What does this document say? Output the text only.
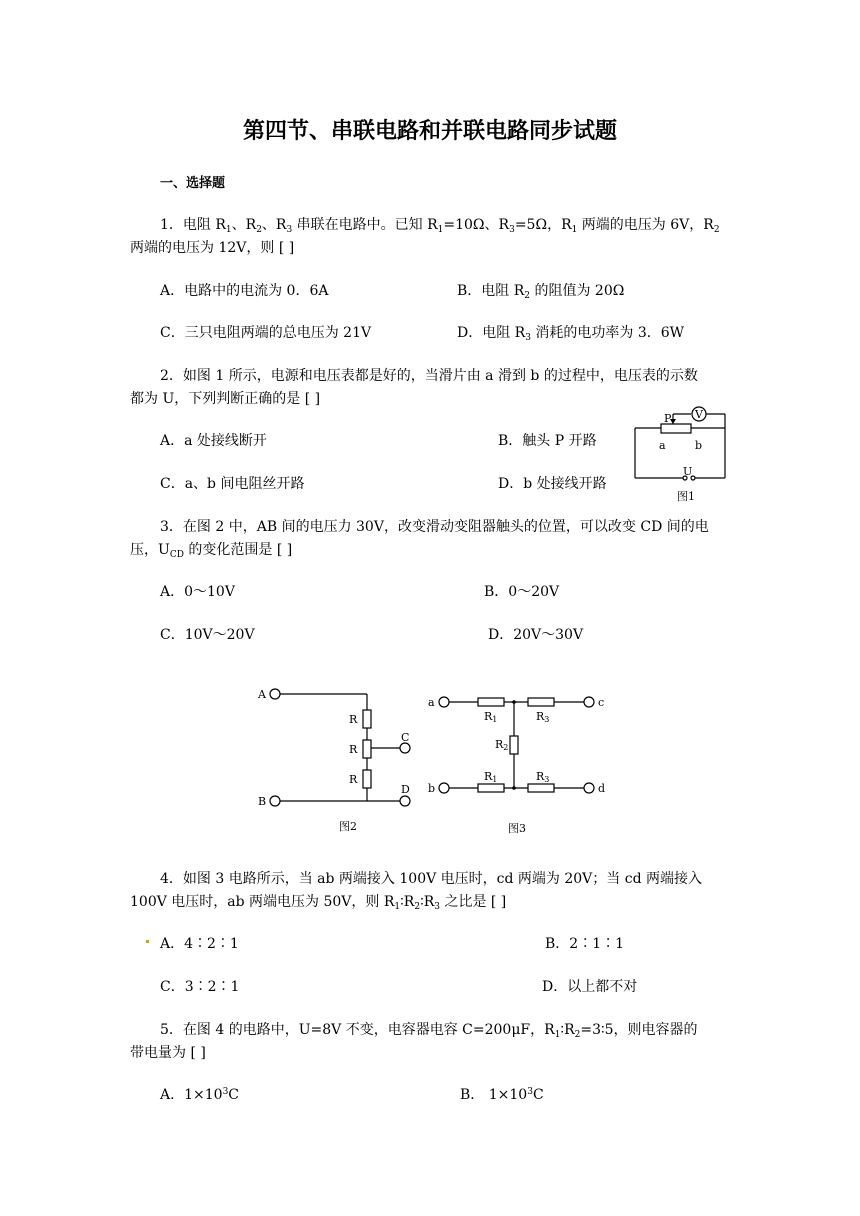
第四节、串联电路和并联电路同步试题
一、选择题
1．电阻 $R_1$、$R_2$、$R_3$ 串联在电路中。已知 $R_1=10\Omega$、$R_3=5\Omega$，$R_1$ 两端的电压为 6V，$R_2$
两端的电压为 12V，则 [ ]
A．电路中的电流为 0．6A	B．电阻 $R_2$ 的阻值为 20Ω
C．三只电阻两端的总电压为 21V	D．电阻 $R_3$ 消耗的电功率为 3．6W
2．如图 1 所示，电源和电压表都是好的，当滑片由 a 滑到 b 的过程中，电压表的示数
都为 U，下列判断正确的是 [ ]
A．a 处接线断开	B．触头 P 开路
C．a、b 间电阻丝开路	D．b 处接线开路
P V
a	b
U
图1
3．在图 2 中，AB 间的电压力 30V，改变滑动变阻器触头的位置，可以改变 CD 间的电
压，$U_{CD}$ 的变化范围是 [ ]
A．0～10V	B．0～20V
C．10V～20V	D．20V～30V
A
B
C
D
R
R
R
图2
a
b
c
d
R1	R3
R2
R1	R3
图3
4．如图 3 电路所示，当 ab 两端接入 100V 电压时，cd 两端为 20V；当 cd 两端接入
100V 电压时，ab 两端电压为 50V，则 $R_1∶R_2∶R_3$ 之比是 [ ]
A．4∶2∶1	B．2∶1∶1
C．3∶2∶1	D．以上都不对
5．在图 4 的电路中，U=8V 不变，电容器电容 C=200μF，$R_1∶R_2=3∶5$，则电容器的
带电量为 [ ]
A．$1\times 10^3C$	B． $1\times 10^3C$
